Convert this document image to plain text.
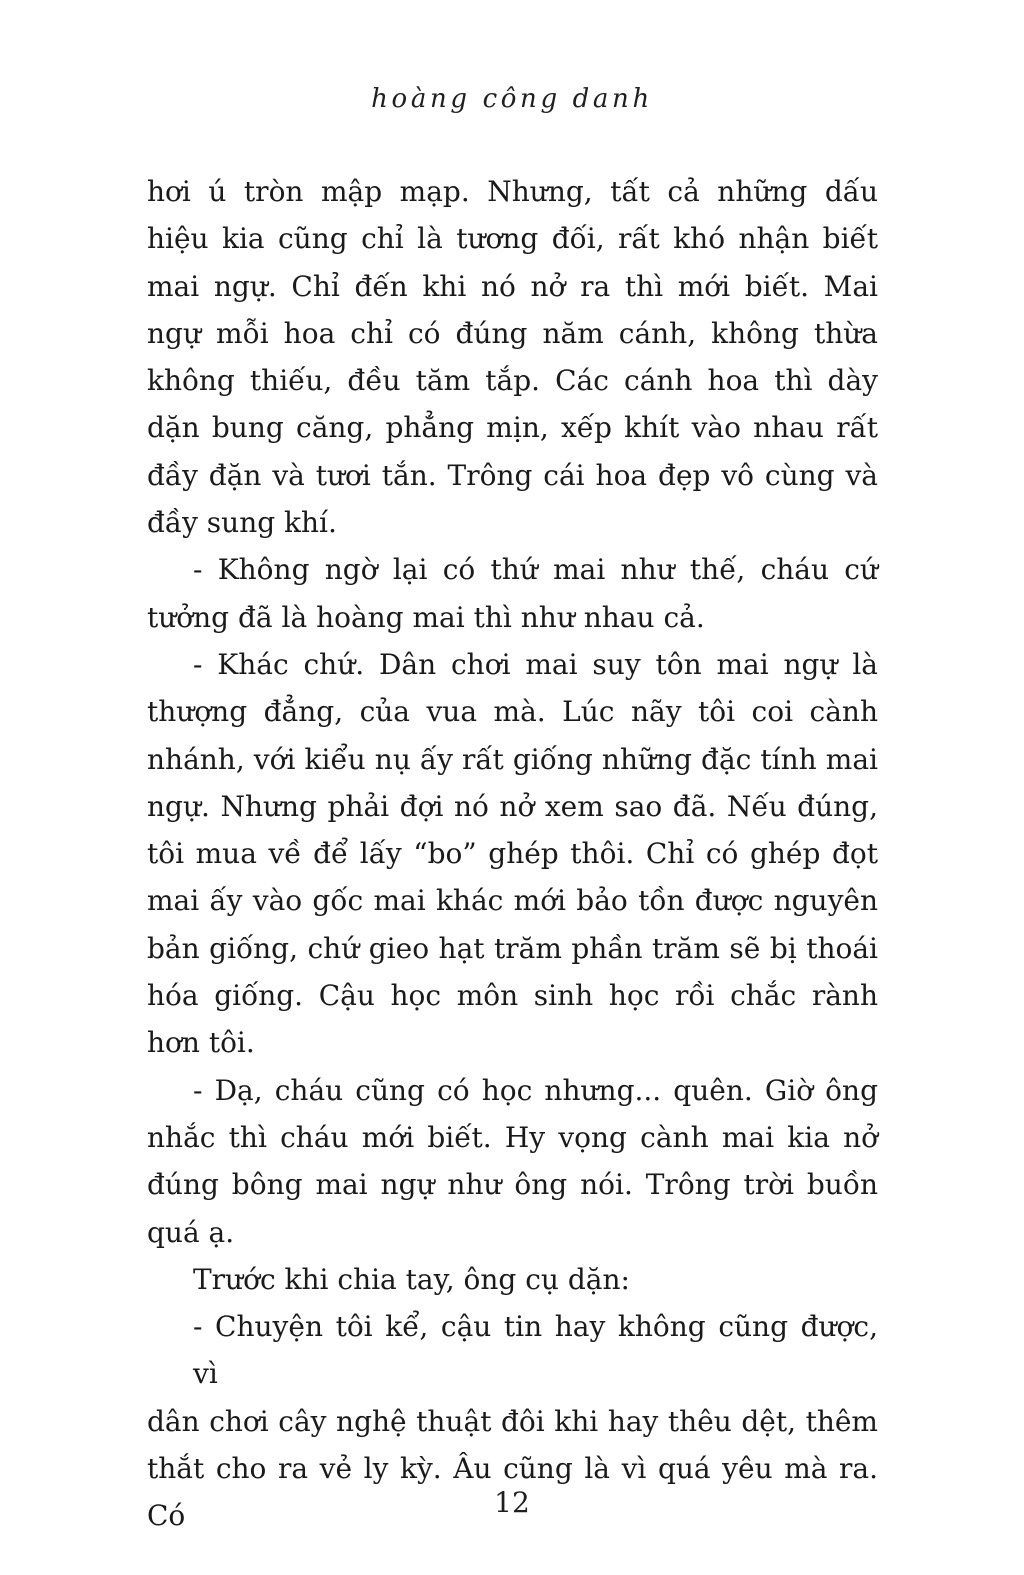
hoàng công danh
hơi ú tròn mập mạp. Nhưng, tất cả những dấu
hiệu kia cũng chỉ là tương đối, rất khó nhận biết
mai ngự. Chỉ đến khi nó nở ra thì mới biết. Mai
ngự mỗi hoa chỉ có đúng năm cánh, không thừa
không thiếu, đều tăm tắp. Các cánh hoa thì dày
dặn bung căng, phẳng mịn, xếp khít vào nhau rất
đầy đặn và tươi tắn. Trông cái hoa đẹp vô cùng và
đầy sung khí.
- Không ngờ lại có thứ mai như thế, cháu cứ
tưởng đã là hoàng mai thì như nhau cả.
- Khác chứ. Dân chơi mai suy tôn mai ngự là
thượng đẳng, của vua mà. Lúc nãy tôi coi cành
nhánh, với kiểu nụ ấy rất giống những đặc tính mai
ngự. Nhưng phải đợi nó nở xem sao đã. Nếu đúng,
tôi mua về để lấy “bo” ghép thôi. Chỉ có ghép đọt
mai ấy vào gốc mai khác mới bảo tồn được nguyên
bản giống, chứ gieo hạt trăm phần trăm sẽ bị thoái
hóa giống. Cậu học môn sinh học rồi chắc rành
hơn tôi.
- Dạ, cháu cũng có học nhưng... quên. Giờ ông
nhắc thì cháu mới biết. Hy vọng cành mai kia nở
đúng bông mai ngự như ông nói. Trông trời buồn
quá ạ.
Trước khi chia tay, ông cụ dặn:
- Chuyện tôi kể, cậu tin hay không cũng được, vì
dân chơi cây nghệ thuật đôi khi hay thêu dệt, thêm
thắt cho ra vẻ ly kỳ. Âu cũng là vì quá yêu mà ra. Có	12
